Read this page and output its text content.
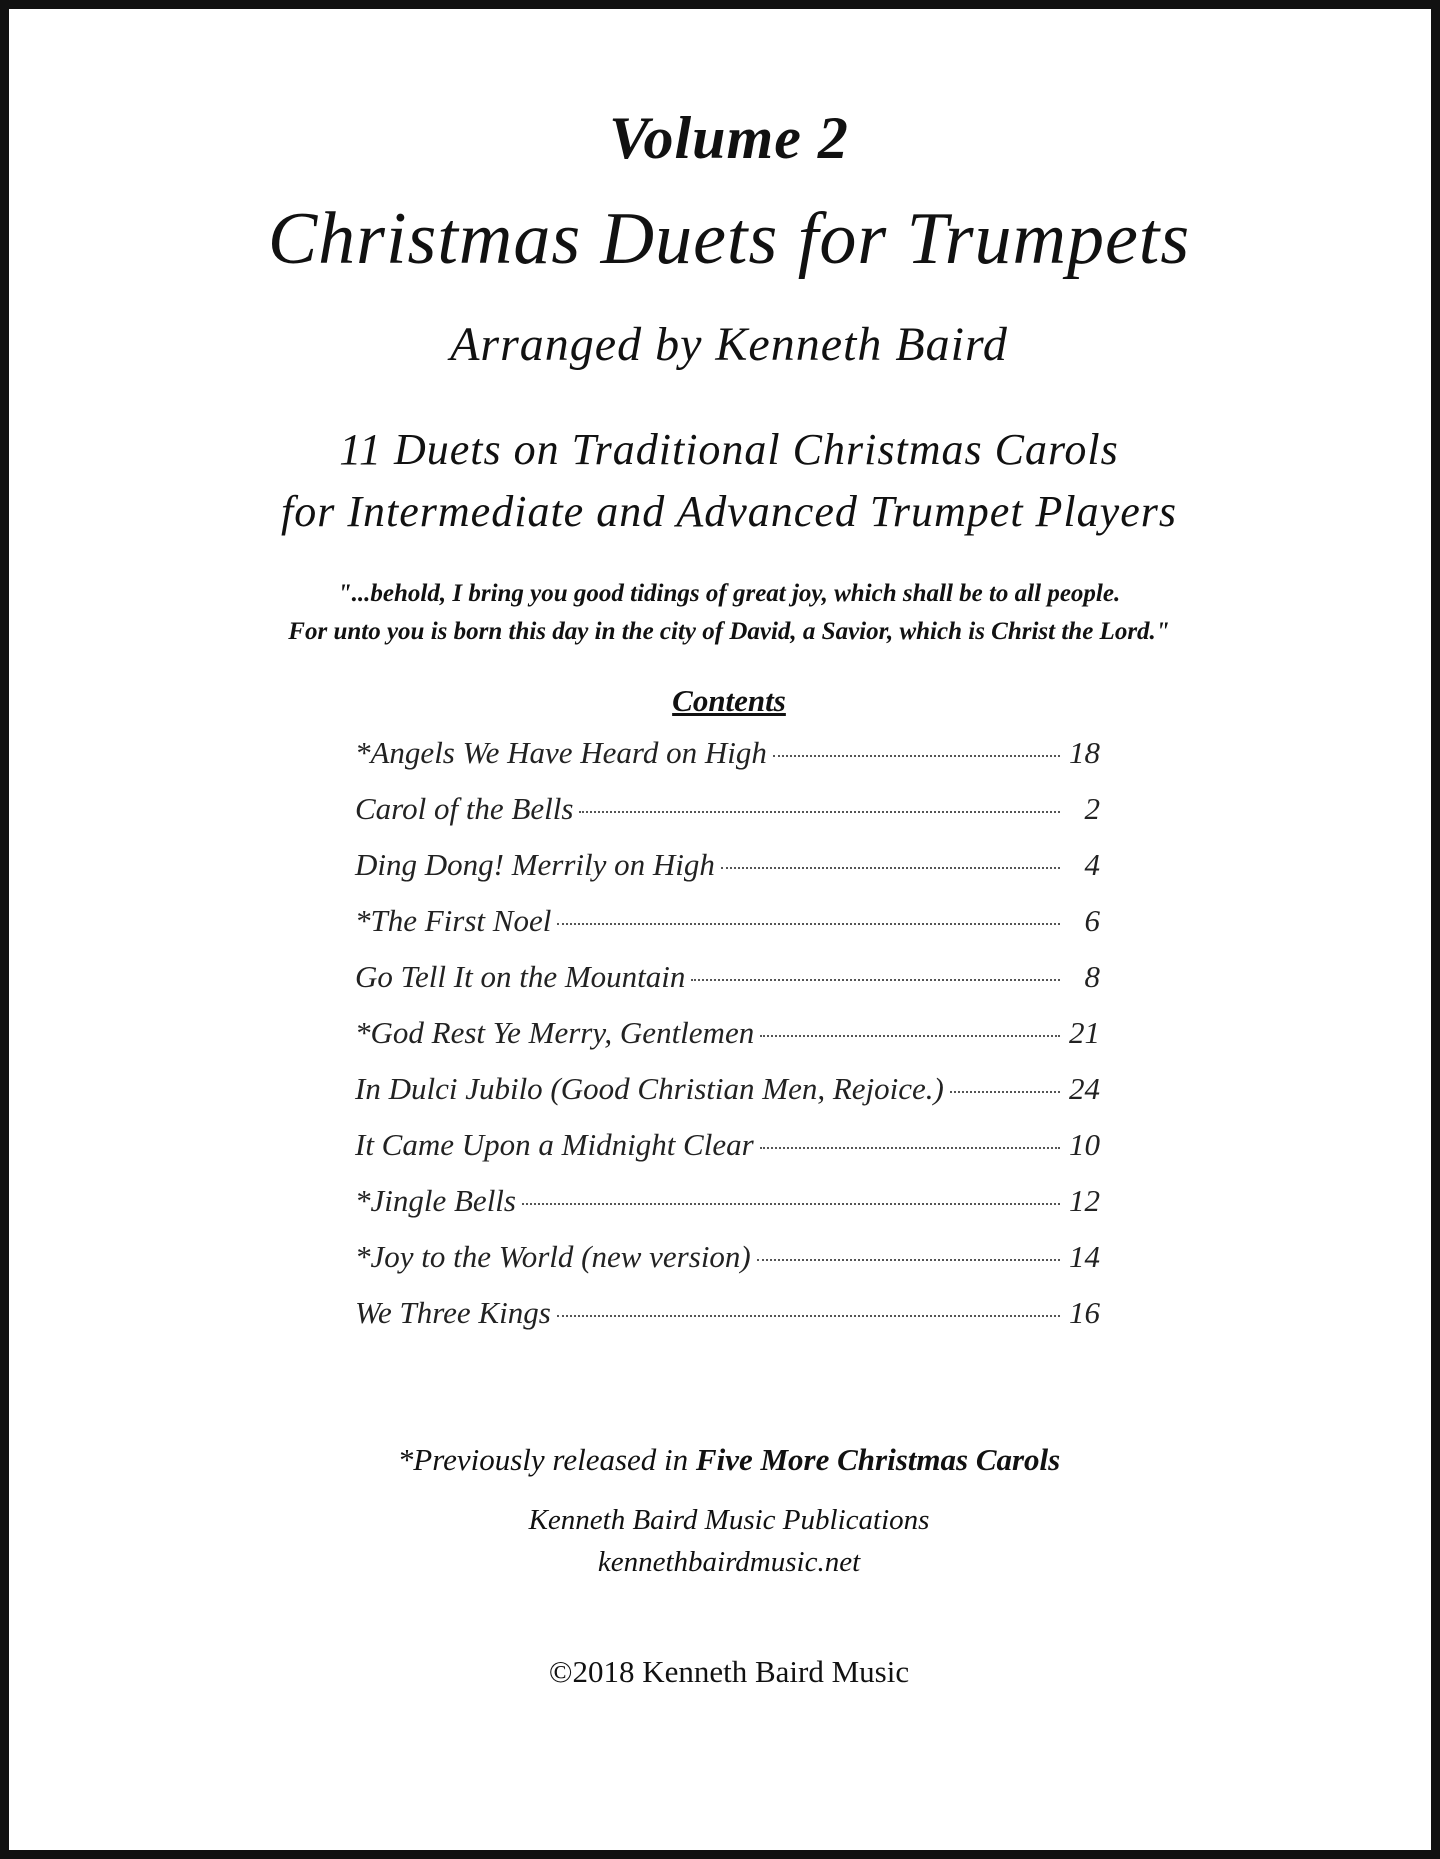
Volume 2
Christmas Duets for Trumpets
Arranged by Kenneth Baird
11 Duets on Traditional Christmas Carols
for Intermediate and Advanced Trumpet Players
"...behold, I bring you good tidings of great joy, which shall be to all people.
For unto you is born this day in the city of David, a Savior, which is Christ the Lord."
Contents
*Angels We Have Heard on High	18
Carol of the Bells	2
Ding Dong! Merrily on High	4
*The First Noel	6
Go Tell It on the Mountain	8
*God Rest Ye Merry, Gentlemen	21
In Dulci Jubilo (Good Christian Men, Rejoice.)	24
It Came Upon a Midnight Clear	10
*Jingle Bells	12
*Joy to the World (new version)	14
We Three Kings	16
*Previously released in Five More Christmas Carols
Kenneth Baird Music Publications
kennethbairdmusic.net
©2018 Kenneth Baird Music
